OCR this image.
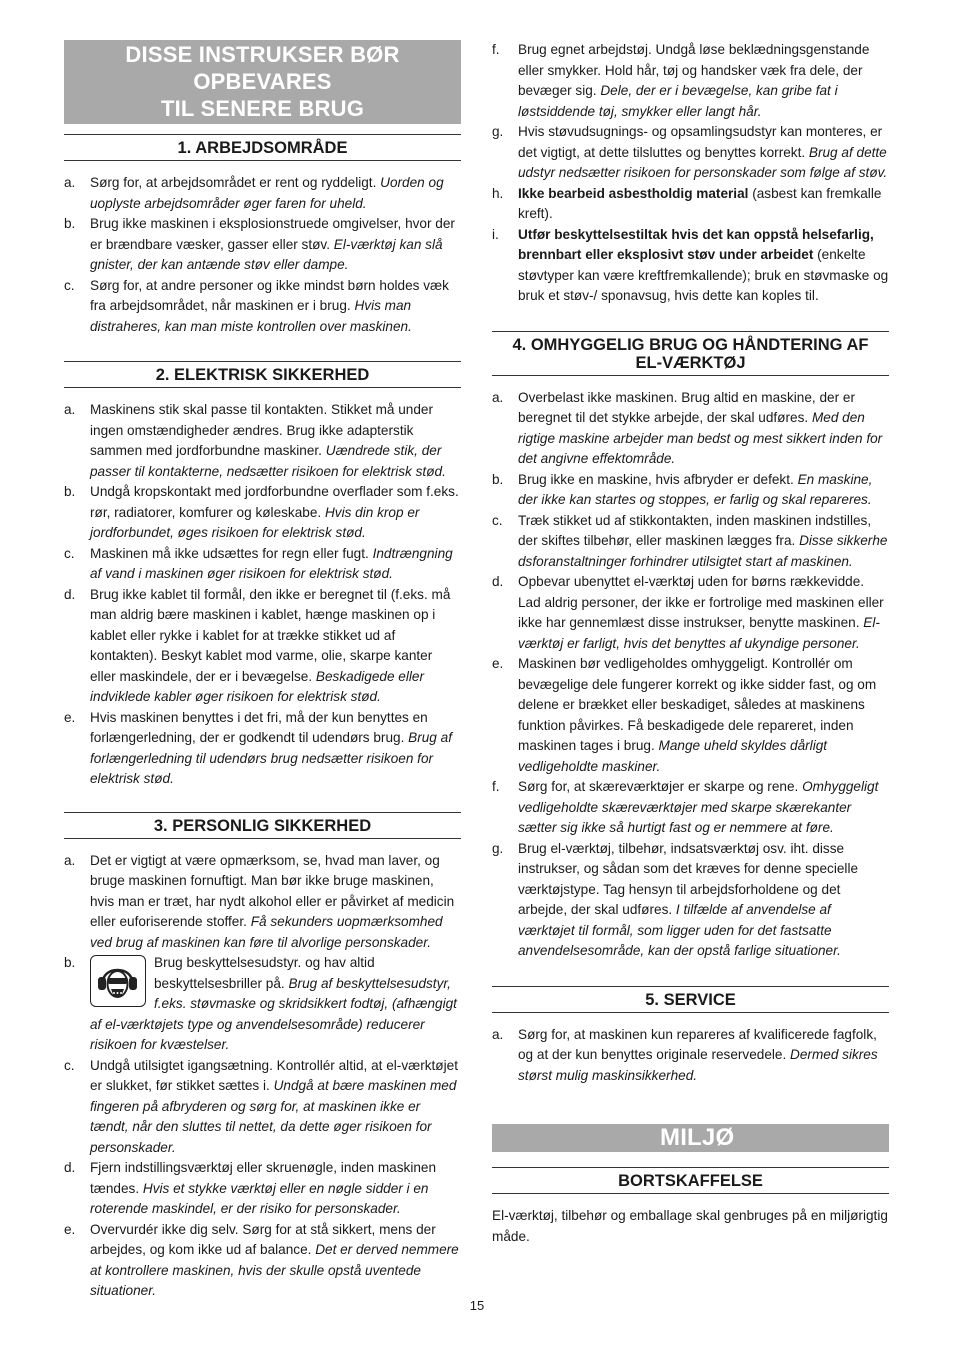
DISSE INSTRUKSER BØR OPBEVARES
TIL SENERE BRUG
1. ARBEJDSOMRÅDE
a. Sørg for, at arbejdsområdet er rent og ryddeligt. Uorden og uoplyste arbejdsområder øger faren for uheld.
b. Brug ikke maskinen i eksplosionstruede omgivelser, hvor der er brændbare væsker, gasser eller støv. El-værktøj kan slå gnister, der kan antænde støv eller dampe.
c. Sørg for, at andre personer og ikke mindst børn holdes væk fra arbejdsområdet, når maskinen er i brug. Hvis man distraheres, kan man miste kontrollen over maskinen.
2. ELEKTRISK SIKKERHED
a. Maskinens stik skal passe til kontakten. Stikket må under ingen omstændigheder ændres. Brug ikke adapterstik sammen med jordforbundne maskiner. Uændrede stik, der passer til kontakterne, nedsætter risikoen for elektrisk stød.
b. Undgå kropskontakt med jordforbundne overflader som f.eks. rør, radiatorer, komfurer og køleskabe. Hvis din krop er jordforbundet, øges risikoen for elektrisk stød.
c. Maskinen må ikke udsættes for regn eller fugt. Indtrængning af vand i maskinen øger risikoen for elektrisk stød.
d. Brug ikke kablet til formål, den ikke er beregnet til (f.eks. må man aldrig bære maskinen i kablet, hænge maskinen op i kablet eller rykke i kablet for at trække stikket ud af kontakten). Beskyt kablet mod varme, olie, skarpe kanter eller maskindele, der er i bevægelse. Beskadigede eller indviklede kabler øger risikoen for elektrisk stød.
e. Hvis maskinen benyttes i det fri, må der kun benyttes en forlængerledning, der er godkendt til udendørs brug. Brug af forlængerledning til udendørs brug nedsætter risikoen for elektrisk stød.
3. PERSONLIG SIKKERHED
a. Det er vigtigt at være opmærksom, se, hvad man laver, og bruge maskinen fornuftigt. Man bør ikke bruge maskinen, hvis man er træt, har nydt alkohol eller er påvirket af medicin eller euforiserende stoffer. Få sekunders uopmærksomhed ved brug af maskinen kan føre til alvorlige personskader.
b.	Brug beskyttelsesudstyr. og hav altid beskyttelsesbriller på. Brug af beskyttelsesudstyr, f.eks. støvmaske og skridsikkert fodtøj, (afhængigt af el-værktøjets type og anvendelsesområde) reducerer risikoen for kvæstelser.
c. Undgå utilsigtet igangsætning. Kontrollér altid, at el-værktøjet er slukket, før stikket sættes i. Undgå at bære maskinen med fingeren på afbryderen og sørg for, at maskinen ikke er tændt, når den sluttes til nettet, da dette øger risikoen for personskader.
d. Fjern indstillingsværktøj eller skruenøgle, inden maskinen tændes. Hvis et stykke værktøj eller en nøgle sidder i en roterende maskindel, er der risiko for personskader.
e. Overvurdér ikke dig selv. Sørg for at stå sikkert, mens der arbejdes, og kom ikke ud af balance. Det er derved nemmere at kontrollere maskinen, hvis der skulle opstå uventede situationer.
f. Brug egnet arbejdstøj. Undgå løse beklædningsgenstande eller smykker. Hold hår, tøj og handsker væk fra dele, der bevæger sig. Dele, der er i bevægelse, kan gribe fat i løstsiddende tøj, smykker eller langt hår.
g. Hvis støvudsugnings- og opsamlingsudstyr kan monteres, er det vigtigt, at dette tilsluttes og benyttes korrekt. Brug af dette udstyr nedsætter risikoen for personskader som følge af støv.
h. Ikke bearbeid asbestholdig material (asbest kan fremkalle kreft).
i. Utfør beskyttelsestiltak hvis det kan oppstå helsefarlig, brennbart eller eksplosivt støv under arbeidet (enkelte støvtyper kan være kreftfremkallende); bruk en støvmaske og bruk et støv-/ sponavsug, hvis dette kan koples til.
4. OMHYGGELIG BRUG OG HÅNDTERING AF
EL-VÆRKTØJ
a. Overbelast ikke maskinen. Brug altid en maskine, der er beregnet til det stykke arbejde, der skal udføres. Med den rigtige maskine arbejder man bedst og mest sikkert inden for det angivne effektområde.
b. Brug ikke en maskine, hvis afbryder er defekt. En maskine, der ikke kan startes og stoppes, er farlig og skal repareres.
c. Træk stikket ud af stikkontakten, inden maskinen indstilles, der skiftes tilbehør, eller maskinen lægges fra. Disse sikkerhe dsforanstaltninger forhindrer utilsigtet start af maskinen.
d. Opbevar ubenyttet el-værktøj uden for børns rækkevidde. Lad aldrig personer, der ikke er fortrolige med maskinen eller ikke har gennemlæst disse instrukser, benytte maskinen. El-værktøj er farligt, hvis det benyttes af ukyndige personer.
e. Maskinen bør vedligeholdes omhyggeligt. Kontrollér om bevægelige dele fungerer korrekt og ikke sidder fast, og om delene er brækket eller beskadiget, således at maskinens funktion påvirkes. Få beskadigede dele repareret, inden maskinen tages i brug. Mange uheld skyldes dårligt vedligeholdte maskiner.
f. Sørg for, at skæreværktøjer er skarpe og rene. Omhyggeligt vedligeholdte skæreværktøjer med skarpe skærekanter sætter sig ikke så hurtigt fast og er nemmere at føre.
g. Brug el-værktøj, tilbehør, indsatsværktøj osv. iht. disse instrukser, og sådan som det kræves for denne specielle værktøjstype. Tag hensyn til arbejdsforholdene og det arbejde, der skal udføres. I tilfælde af anvendelse af værktøjet til formål, som ligger uden for det fastsatte anvendelsesområde, kan der opstå farlige situationer.
5. SERVICE
a. Sørg for, at maskinen kun repareres af kvalificerede fagfolk, og at der kun benyttes originale reservedele. Dermed sikres størst mulig maskinsikkerhed.
MILJØ
BORTSKAFFELSE

El-værktøj, tilbehør og emballage skal genbruges på en miljørigtig måde.

15
